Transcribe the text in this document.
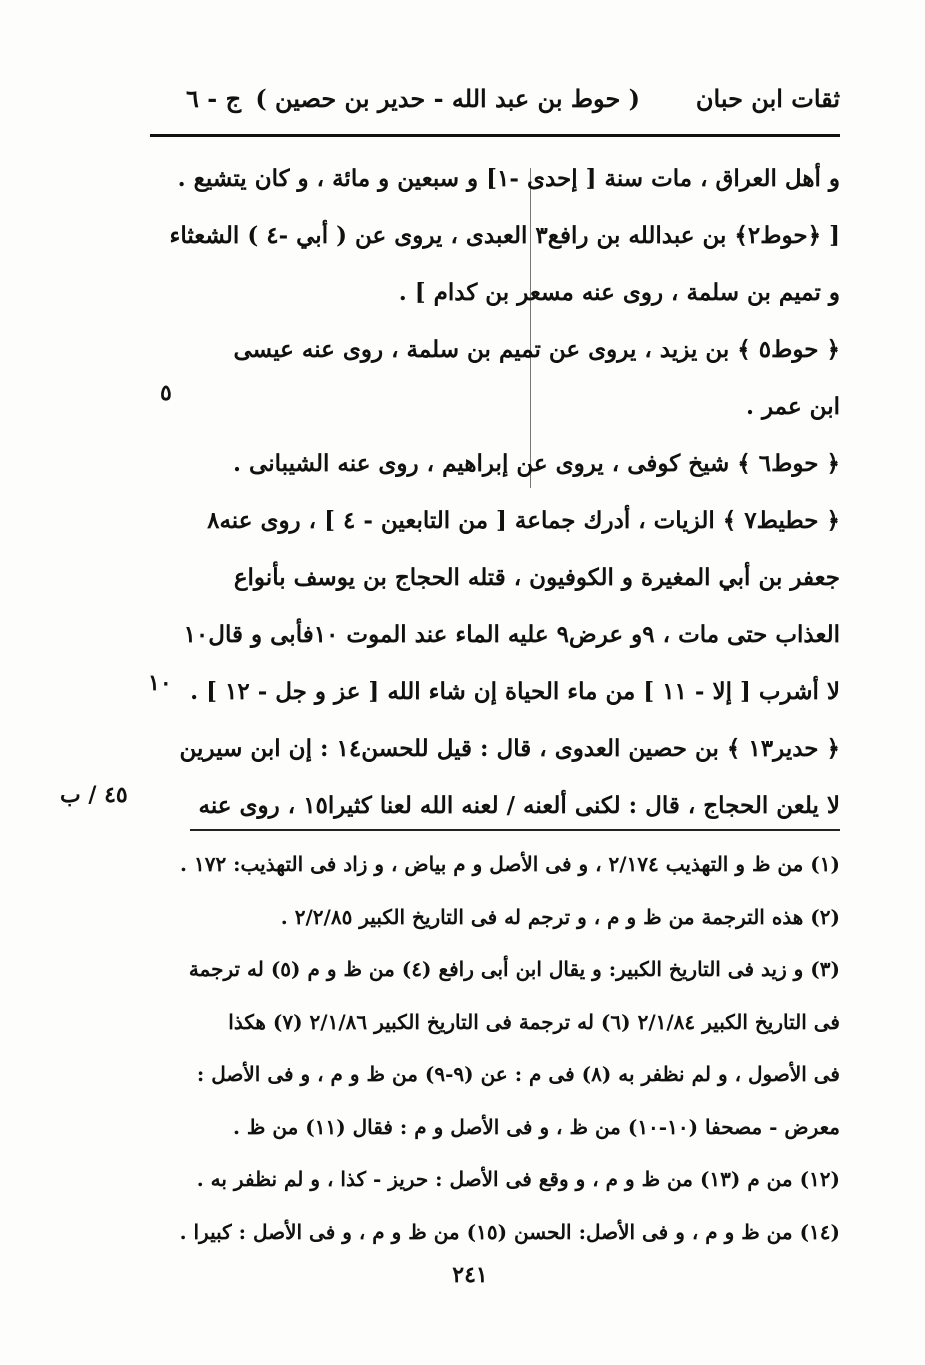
ثقات ابن حبان
( حوط بن عبد الله - حدير بن حصين )
ج - ٦
و أهل العراق ، مات سنة [ إحدى -١] و سبعين و مائة ، و كان يتشيع .
[ ﴿حوط٢﴾ بن عبدالله بن رافع٣ العبدى ، يروى عن ( أبي -٤ ) الشعثاء
و تميم بن سلمة ، روى عنه مسعر بن كدام ] .
﴿ حوط٥ ﴾ بن يزيد ، يروى عن تميم بن سلمة ، روى عنه عيسى
ابن عمر .
﴿ حوط٦ ﴾ شيخ كوفى ، يروى عن إبراهيم ، روى عنه الشيبانى .
﴿ حطيط٧ ﴾ الزيات ، أدرك جماعة [ من التابعين - ٤ ] ، روى عنه٨
جعفر بن أبي المغيرة و الكوفيون ، قتله الحجاج بن يوسف بأنواع
العذاب حتى مات ، ٩و عرض٩ عليه الماء عند الموت ١٠فأبى و قال١٠
لا أشرب [ إلا - ١١ ] من ماء الحياة إن شاء الله [ عز و جل - ١٢ ] .
﴿ حدير١٣ ﴾ بن حصين العدوى ، قال : قيل للحسن١٤ : إن ابن سيرين
لا يلعن الحجاج ، قال : لكنى ألعنه / لعنه الله لعنا كثيرا١٥ ، روى عنه
٥
١٠
٤٥ / ب
(١) من ظ و التهذيب ٢/١٧٤ ، و فى الأصل و م بياض ، و زاد فى التهذيب: ١٧٢ .
(٢) هذه الترجمة من ظ و م ، و ترجم له فى التاريخ الكبير ٢/٢/٨٥ .
(٣) و زيد فى التاريخ الكبير: و يقال ابن أبى رافع (٤) من ظ و م (٥) له ترجمة
فى التاريخ الكبير ٢/١/٨٤ (٦) له ترجمة فى التاريخ الكبير ٢/١/٨٦ (٧) هكذا
فى الأصول ، و لم نظفر به (٨) فى م : عن (٩-٩) من ظ و م ، و فى الأصل :
معرض - مصحفا (١٠-١٠) من ظ ، و فى الأصل و م : فقال (١١) من ظ .
(١٢) من م (١٣) من ظ و م ، و وقع فى الأصل : حريز - كذا ، و لم نظفر به .
(١٤) من ظ و م ، و فى الأصل: الحسن (١٥) من ظ و م ، و فى الأصل : كبيرا .
٢٤١
